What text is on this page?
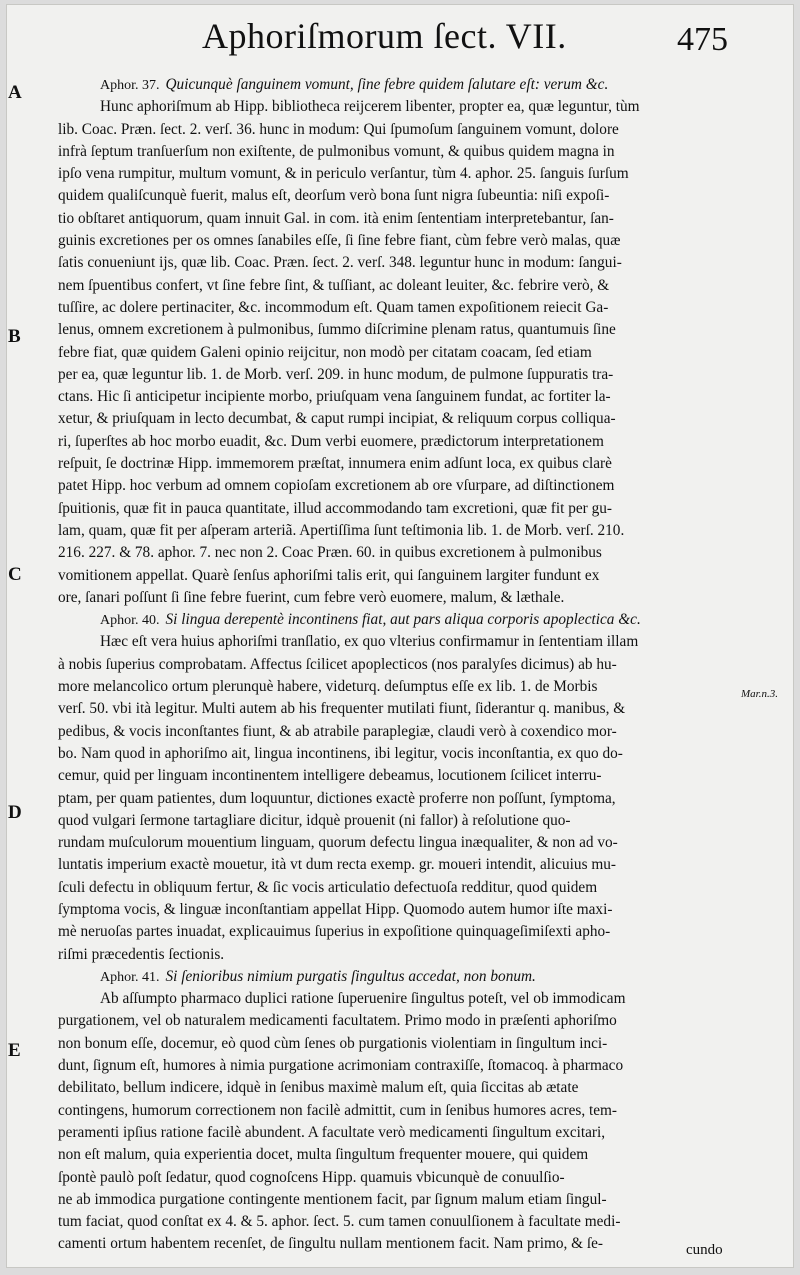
Aphoriſmorum ſect. VII.	475
Aphor. 37. Quicunquè ſanguinem vomunt, ſine febre quidem ſalutare eſt: verum &c.
Hunc aphoriſmum ab Hipp. bibliotheca reijcerem libenter, propter ea, quæ leguntur, tùm
lib. Coac. Præn. ſect. 2. verſ. 36. hunc in modum: Qui ſpumoſum ſanguinem vomunt, dolore
infrà ſeptum tranſuerſum non exiſtente, de pulmonibus vomunt, & quibus quidem magna in
ipſo vena rumpitur, multum vomunt, & in periculo verſantur, tùm 4. aphor. 25. ſanguis ſurſum
quidem qualiſcunquè fuerit, malus eſt, deorſum verò bona ſunt nigra ſubeuntia: niſi expoſi-
tio obſtaret antiquorum, quam innuit Gal. in com. ità enim ſententiam interpretebantur, ſan-
guinis excretiones per os omnes ſanabiles eſſe, ſi ſine febre fiant, cùm febre verò malas, quæ
ſatis conueniunt ijs, quæ lib. Coac. Præn. ſect. 2. verſ. 348. leguntur hunc in modum: ſangui-
nem ſpuentibus confert, vt ſine febre ſint, & tuſſiant, ac doleant leuiter, &c. febrire verò, &
tuſſire, ac dolere pertinaciter, &c. incommodum eſt. Quam tamen expoſitionem reiecit Ga-
lenus, omnem excretionem à pulmonibus, ſummo diſcrimine plenam ratus, quantumuis ſine
febre fiat, quæ quidem Galeni opinio reijcitur, non modò per citatam coacam, ſed etiam
per ea, quæ leguntur lib. 1. de Morb. verſ. 209. in hunc modum, de pulmone ſuppuratis tra-
ctans. Hic ſi anticipetur incipiente morbo, priuſquam vena ſanguinem fundat, ac fortiter la-
xetur, & priuſquam in lecto decumbat, & caput rumpi incipiat, & reliquum corpus colliqua-
ri, ſuperſtes ab hoc morbo euadit, &c. Dum verbi euomere, prædictorum interpretationem
reſpuit, ſe doctrinæ Hipp. immemorem præſtat, innumera enim adſunt loca, ex quibus clarè
patet Hipp. hoc verbum ad omnem copioſam excretionem ab ore vſurpare, ad diſtinctionem
ſpuitionis, quæ fit in pauca quantitate, illud accommodando tam excretioni, quæ fit per gu-
lam, quam, quæ fit per aſperam arteriã. Apertiſſima ſunt teſtimonia lib. 1. de Morb. verſ. 210.
216. 227. & 78. aphor. 7. nec non 2. Coac Præn. 60. in quibus excretionem à pulmonibus
vomitionem appellat. Quarè ſenſus aphoriſmi talis erit, qui ſanguinem largiter fundunt ex
ore, ſanari poſſunt ſi ſine febre fuerint, cum febre verò euomere, malum, & læthale.
Aphor. 40. Si lingua derepentè incontinens fiat, aut pars aliqua corporis apoplectica &c.
Hæc eſt vera huius aphoriſmi tranſlatio, ex quo vlterius confirmamur in ſententiam illam
à nobis ſuperius comprobatam. Affectus ſcilicet apoplecticos (nos paralyſes dicimus) ab hu-
more melancolico ortum plerunquè habere, videturq. deſumptus eſſe ex lib. 1. de Morbis
verſ. 50. vbi ità legitur. Multi autem ab his frequenter mutilati fiunt, ſiderantur q. manibus, &
pedibus, & vocis inconſtantes fiunt, & ab atrabile paraplegiæ, claudi verò à coxendico mor-
bo. Nam quod in aphoriſmo ait, lingua incontinens, ibi legitur, vocis inconſtantia, ex quo do-
cemur, quid per linguam incontinentem intelligere debeamus, locutionem ſcilicet interru-
ptam, per quam patientes, dum loquuntur, dictiones exactè proferre non poſſunt, ſymptoma,
quod vulgari ſermone tartagliare dicitur, idquè prouenit (ni fallor) à reſolutione quo-
rundam muſculorum mouentium linguam, quorum defectu lingua inæqualiter, & non ad vo-
luntatis imperium exactè mouetur, ità vt dum recta exemp. gr. moueri intendit, alicuius mu-
ſculi defectu in obliquum fertur, & ſic vocis articulatio defectuoſa redditur, quod quidem
ſymptoma vocis, & linguæ inconſtantiam appellat Hipp. Quomodo autem humor iſte maxi-
mè neruoſas partes inuadat, explicauimus ſuperius in expoſitione quinquageſimiſexti apho-
riſmi præcedentis ſectionis.
Aphor. 41. Si ſenioribus nimium purgatis ſingultus accedat, non bonum.
Ab aſſumpto pharmaco duplici ratione ſuperuenire ſingultus poteſt, vel ob immodicam
purgationem, vel ob naturalem medicamenti facultatem. Primo modo in præſenti aphoriſmo
non bonum eſſe, docemur, eò quod cùm ſenes ob purgationis violentiam in ſingultum inci-
dunt, ſignum eſt, humores à nimia purgatione acrimoniam contraxiſſe, ſtomacoq. à pharmaco
debilitato, bellum indicere, idquè in ſenibus maximè malum eſt, quia ſiccitas ab ætate
contingens, humorum correctionem non facilè admittit, cum in ſenibus humores acres, tem-
peramenti ipſius ratione facilè abundent. A facultate verò medicamenti ſingultum excitari,
non eſt malum, quia experientia docet, multa ſingultum frequenter mouere, qui quidem
ſpontè paulò poſt ſedatur, quod cognoſcens Hipp. quamuis vbicunquè de conuulſio-
ne ab immodica purgatione contingente mentionem facit, par ſignum malum etiam ſingul-
tum faciat, quod conſtat ex 4. & 5. aphor. ſect. 5. cum tamen conuulſionem à facultate medi-
camenti ortum habentem recenſet, de ſingultu nullam mentionem facit. Nam primo, & ſe-
A
B
C
D
E
Mar.n.3.
cundo
